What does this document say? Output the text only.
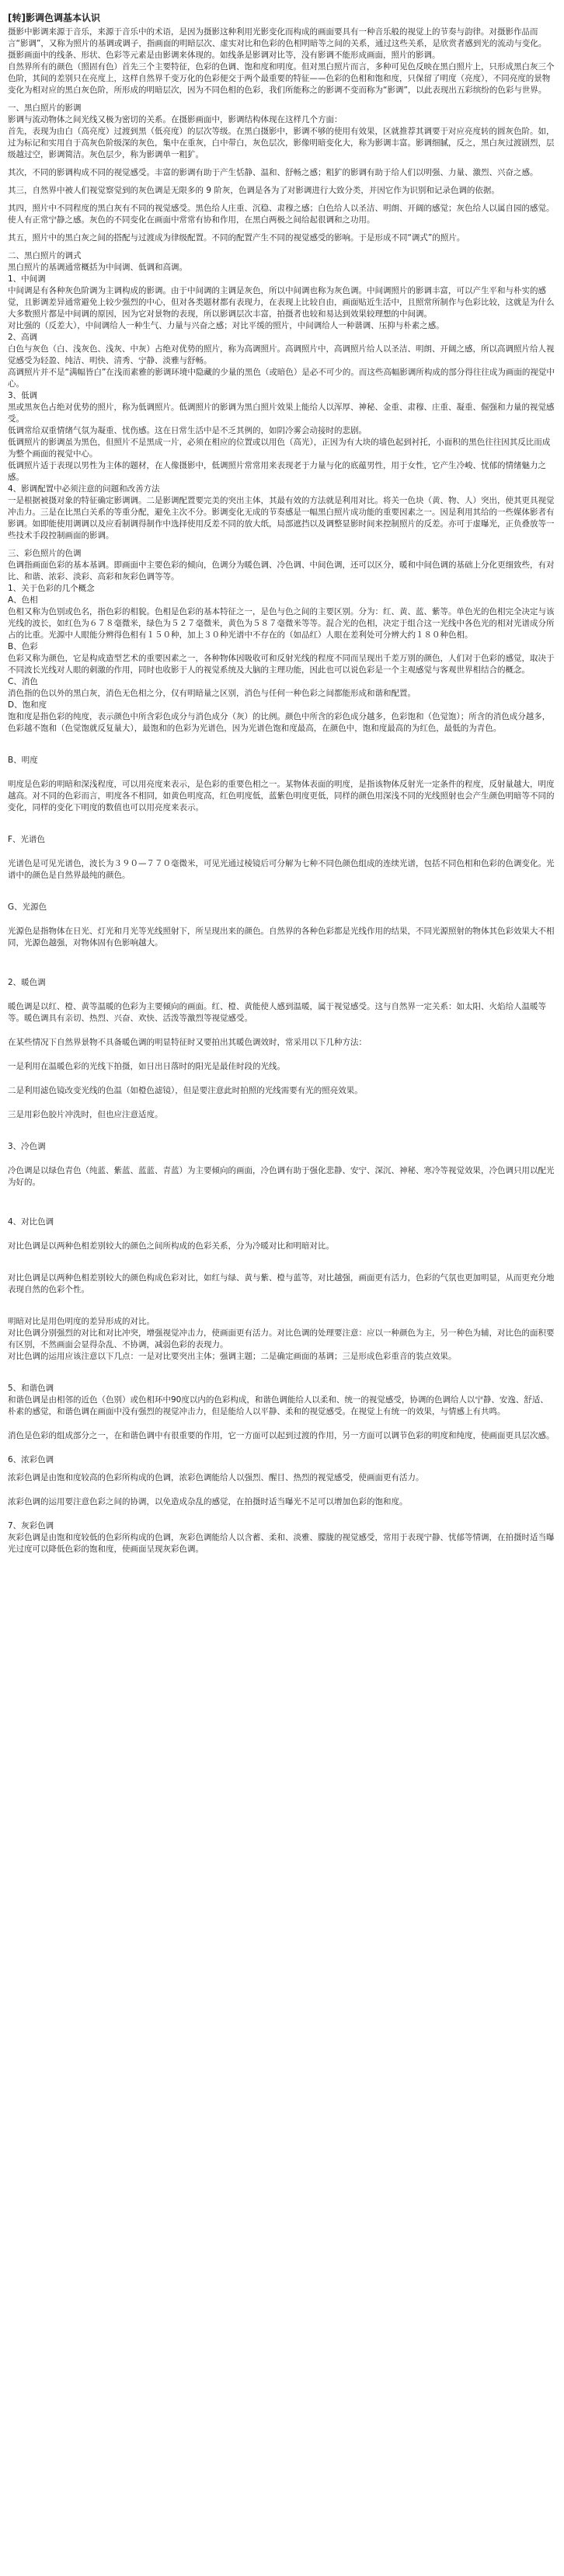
[转]影调色调基本认识

摄影中影调来源于音乐，来源于音乐中的术语，是因为摄影这种利用光影变化而构成的画面要具有一种音乐般的视觉上的节奏与韵律。对摄影作品而言“影调”，又称为照片的基调或调子，指画面的明暗层次、虚实对比和色彩的色相明暗等之间的关系，通过这些关系，是欣赏者感到光的流动与变化。

摄影画面中的线条、形状、色彩等元素是由影调来体现的。如线条是影调对比等，没有影调不能形成画面，照片的影调。

自然界所有的颜色（照固有色）首先三个主要特征，色彩的色调、饱和度和明度。但对黑白照片而言，多种可见色反映在黑白照片上，只形成黑白灰三个色阶，其间的差别只在亮度上，这样自然界千变万化的色彩便交于两个最重要的特征——色彩的色相和饱和度，只保留了明度（亮度），不同亮度的景物变化为相对应的黑白灰色阶，所形成的明暗层次，因为不同色相的色彩，我们所能称之的影调不变而称为“影调”，以此表现出五彩缤纷的色彩与世界。

一、黑白照片的影调

影调与流动物体之间光线又极为密切的关系。在摄影画面中，影调结构体现在这样几个方面：

首先，表现为由白（高亮度）过渡到黑（低亮度）的层次等级。在黑白摄影中，影调不够的使用有效果，区就推荐其调要于对应亮度转的圆灰色阶。如，过为标记和实用自于高灰色阶级深的灰色，集中在重灰，白中带白，灰色层次，影像明暗变化大，称为影调丰富。影调细腻，反之，黑白灰过渡剧烈，层级越过空，影调简洁。灰色层少，称为影调单一粗犷。

其次，不同的影调构成不同的视觉感受。丰富的影调有助于产生恬静、温和、舒畅之感；粗犷的影调有助于给人们以明强、力量、激烈、兴奋之感。

其三，自然界中被人们视觉察觉到的灰色调是无限多的 9 阶灰，色调是各为了对影调进行大致分类，并因它作为识别和记录色调的依据。

其四，照片中不同程度的黑白灰有不同的视觉感受。黑色给人庄重、沉稳、肃穆之感；白色给人以圣洁、明朗、开阔的感觉；灰色给人以属自园的感觉。使人有正常宁静之感。灰色的不同变化在画面中常常有协和作用，在黑白两极之间给起很调和之功用。

其五，照片中的黑白灰之间的搭配与过渡成为律级配置。不同的配置产生不同的视觉感受的影响。于是形成不同“调式”的照片。

二、黑白照片的调式

黑白照片的基调通常概括为中间调、低调和高调。

1、中间调

中间调是有各种灰色阶调为主调构成的影调。由于中间调的主调是灰色，所以中间调也称为灰色调。中间调照片的影调丰富，可以产生平和与朴实的感觉，且影调差异通常避免上较少强烈的中心，但对各类题材都有表现力，在表现上比较自由，画面贴近生活中，且照常所制作与色彩比较，这就是为什么大多数照片都是中间调的原因，因为它对景物的表现，所以影调层次丰富，拍摄者也较和易达到效果较理想的中间调。

对比强的（反差大），中间调给人一种生气、力量与兴奋之感；对比平缓的照片，中间调给人一种谐调、压抑与朴素之感。

2、高调

白色与灰色（白、浅灰色、浅灰、中灰）占绝对优势的照片，称为高调照片。高调照片中，高调照片给人以圣洁、明朗、开阔之感，所以高调照片给人视觉感受为轻盈、纯洁、明快、清秀、宁静、淡雅与舒畅。

高调照片并不是“满幅皆白”在浅而素雅的影调环境中隐藏的少量的黑色（或暗色）是必不可少的。而这些高幅影调所构成的部分得往往成为画面的视觉中心。

3、低调

黑或黑灰色占绝对优势的照片，称为低调照片。低调照片的影调为黑白照片效果上能给人以浑厚、神秘、金重、肃穆、庄重、凝重、倔强和力量的视觉感受。

低调常给双重情绪气氛为凝重、忧伤感。这在日常生活中是不乏其例的，如阴冷雾会动接时的悲剧。

低调照片的影调虽为黑色，但照片不是黑成一片，必须在相应的位置或以用色（高光），正因为有大块的墙色起到衬托，小面积的黑色往往因其反比而成为整个画面的视觉中心。

低调照片适于表现以男性为主体的题材，在人像摄影中，低调照片常常用来表现老于力量与化的底蕴男性，用于女性，它产生冷峻、忧郁的情绪魅力之感。

4、影调配置中必须注意的问题和改善方法

一是根据被摄对象的特征确定影调调。二是影调配置要完美的突出主体，其最有效的方法就是利用对比。将关一色块（黄、物、人）突出，使其更具视觉冲击力。三是在比黑白关系的等重分配，避免主次不分。影调变化无成的节奏感是一幅黑白照片成功能的重要因素之一。因是利用其给的一些媒体影者有影调。如即能使用调调以及应看制调得制作中选择使用反差不同的放大纸，局部遮挡以及调整显影时间来控制照片的反差。亦可于虚曝光，正负叠放等一些技术手段控制画面的影调。

三、彩色照片的色调

色调指画面色彩的基本基调。即画面中主要色彩的倾向，色调分为暖色调、冷色调、中间色调，还可以区分，暖和中间色调的基础上分化更细致些，有对比、和谐、浓彩、淡彩、高彩和灰彩色调等等。

1、关于色彩的几个概念

A、色相

色相又称为色别或色名，指色彩的相貌。色相是色彩的基本特征之一，是色与色之间的主要区别。分为：红、黄、蓝、紫等。单色光的色相完全决定与该光线的波长，如红色为６７８毫微米，绿色为５２７毫微米，黄色为５８７毫微米等等。混合光的色相，决定于组合这一光线中各色光的相对光谱成分所占的比重。光源中人眼能分辨得色相有１５０种，加上３０种光谱中不存在的（如品红）人眼在差利处可分辨大约１８０种色相。

B、色彩

色彩又称为颜色，它是构成造型艺术的重要因素之一，各种物体因吸收可和反射光线的程度不同而呈现出千差万别的颜色，人们对于色彩的感觉，取决于不同波长光线对人眼的刺激的作用，同时也收影于人的视觉系统及大脑的主理功能，因此也可以说色彩是一个主观感觉与客观世界相结合的概念。

C、消色

消色指的色以外的黑白灰，消色无色相之分，仅有明暗量之区别，消色与任何一种色彩之间都能形成和谐和配置。

D、饱和度

饱和度是指色彩的纯度，表示颜色中所含彩色成分与消色成分（灰）的比例。颜色中所含的彩色成分越多，色彩饱和（色觉饱）；所含的消色成分越多，色彩越不饱和（色觉饱就反复量大），最饱和的色彩为光谱色，因为光谱色饱和度最高，在颜色中，饱和度最高的为红色，最低的为青色。

B、明度

明度是色彩的明暗和深浅程度，可以用亮度来表示，是色彩的重要色相之一。某物体表面的明度，是指该物体反射光一定条件的程度，反射量越大，明度越高。对不同的色彩而言，明度各不相同，如黄色明度高，红色明度低，蓝紫色明度更低，同样的颜色用深浅不同的光线照射也会产生颜色明暗等不同的变化，同样的变化下明度的数值也可以用亮度来表示。

F、光谱色

光谱色是可见光谱色，波长为３９０—７７０毫微米，可见光通过棱镜后可分解为七种不同色颜色组成的连续光谱，包括不同色相和色彩的色调变化。光谱中的颜色是自然界最纯的颜色。

G、光源色

光源色是指物体在日光、灯光和月光等光线照射下，所呈现出来的颜色。自然界的各种色彩都是光线作用的结果，不同光源照射的物体其色彩效果大不相同，光源色越强，对物体固有色影响越大。

2、暖色调

暖色调是以红、橙、黄等温暖的色彩为主要倾向的画面。红、橙、黄能使人感到温暖，属于视觉感受。这与自然界一定关系：如太阳、火焰给人温暖等等。暖色调具有亲切、热烈、兴奋、欢快、活泼等激烈等视觉感受。

在某些情况下自然界景物不具备暖色调的明显特征时又要拍出其暖色调效时，常采用以下几种方法：

一是利用在温暖色彩的光线下拍摄，如日出日落时的阳光是最佳时段的光线。

二是利用滤色镜改变光线的色温（如橙色滤镜），但是要注意此时拍照的光线需要有光的照亮效果。

三是用彩色胶片冲洗时，但也应注意适度。

3、冷色调

冷色调是以绿色青色（纯蓝、紫蓝、蓝蓝、青蓝）为主要倾向的画面，冷色调有助于强化悲静、安宁、深沉、神秘、寒冷等视觉效果，冷色调只用以配光为好的。

4、对比色调

对比色调是以两种色相差别较大的颜色之间所构成的色彩关系，分为冷暖对比和明暗对比。

对比色调是以两种色相差别较大的颜色构成色彩对比，如红与绿、黄与紫、橙与蓝等，对比越强，画面更有活力，色彩的气氛也更加明显，从而更充分地表现自然的色彩个性。

明暗对比是用色明度的差异形成的对比。

对比色调分别强烈的对比和对比冲突，增强视觉冲击力，使画面更有活力。对比色调的处理要注意：应以一种颜色为主，另一种色为辅，对比色的面积要有区别，不然画面会显得杂乱、不协调，减弱色彩的表现力。

对比色调的运用应该注意以下几点：一是对比要突出主体；强调主题；二是确定画面的基调；三是形成色彩重音的装点效果。

5、和谐色调

和谐色调是由相邻的近色（色别）或色相环中90度以内的色彩构成，和谐色调能给人以柔和、统一的视觉感受，协调的色调给人以宁静、安逸、舒适、朴素的感觉，和谐色调在画面中没有强烈的视觉冲击力，但是能给人以平静、柔和的视觉感受。在视觉上有统一的效果，与情感上有共鸣。

消色是色彩的组成部分之一，在和谐色调中有很重要的作用，它一方面可以起到过渡的作用，另一方面可以调节色彩的明度和纯度，使画面更具层次感。

6、浓彩色调

浓彩色调是由饱和度较高的色彩所构成的色调，浓彩色调能给人以强烈、醒目、热烈的视觉感受，使画面更有活力。

浓彩色调的运用要注意色彩之间的协调，以免造成杂乱的感觉，在拍摄时适当曝光不足可以增加色彩的饱和度。

7、灰彩色调

灰彩色调是由饱和度较低的色彩所构成的色调，灰彩色调能给人以含蓄、柔和、淡雅、朦胧的视觉感受，常用于表现宁静、忧郁等情调，在拍摄时适当曝光过度可以降低色彩的饱和度，使画面呈现灰彩色调。
